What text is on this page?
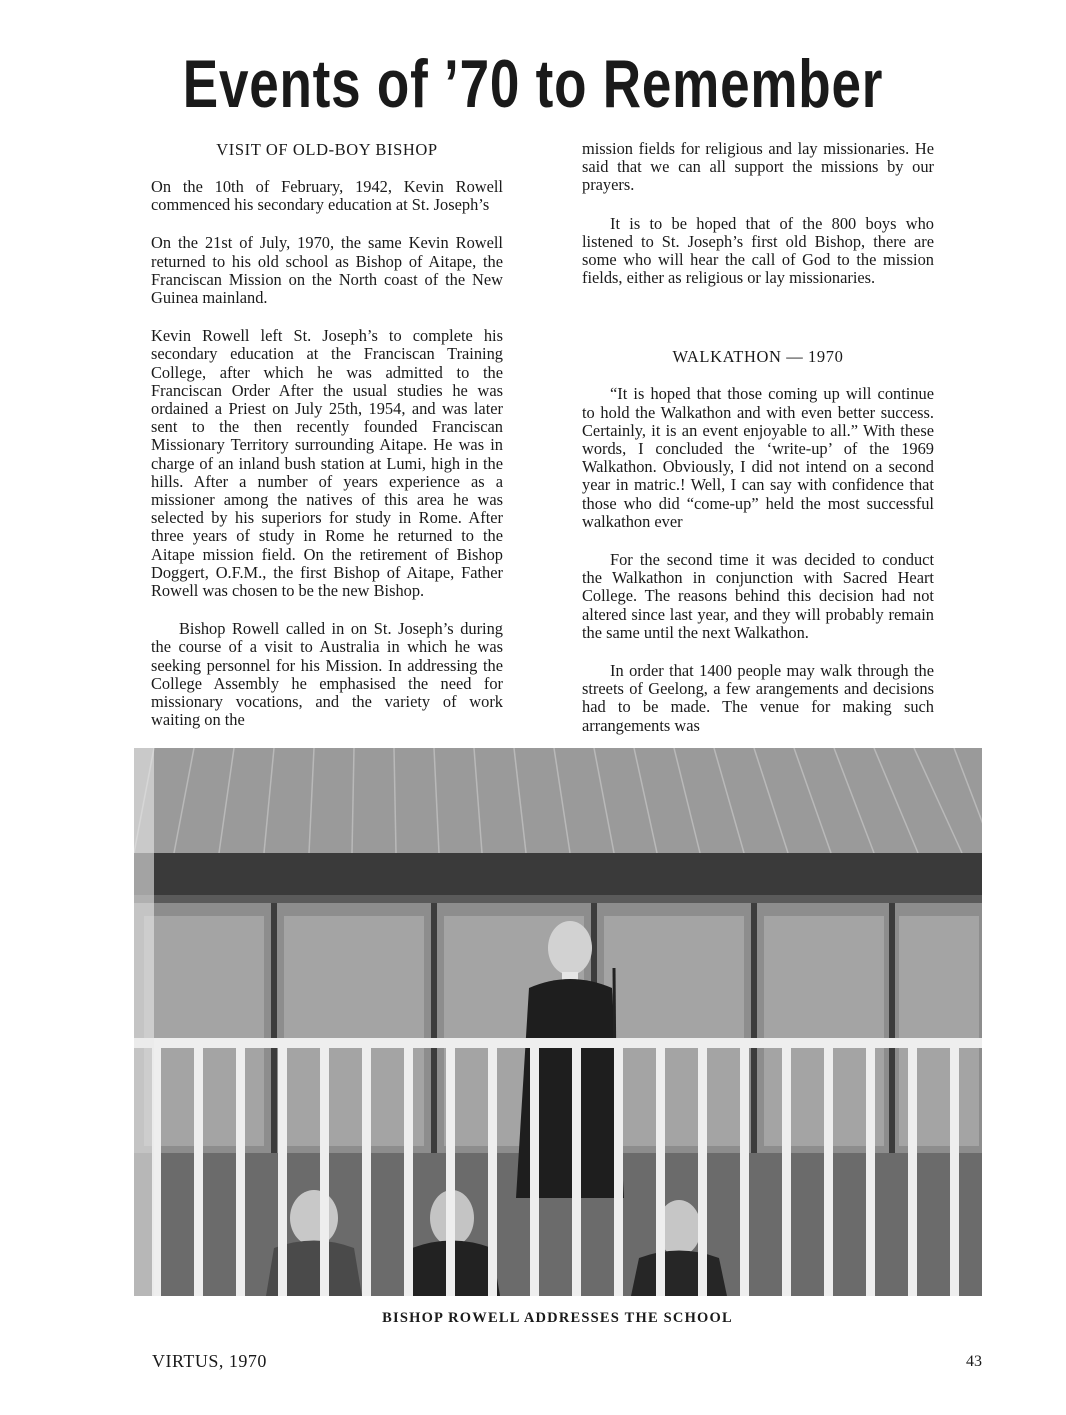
Events of ’70 to Remember
VISIT OF OLD-BOY BISHOP

On the 10th of February, 1942, Kevin Rowell commenced his secondary education at St. Joseph’s

On the 21st of July, 1970, the same Kevin Rowell returned to his old school as Bishop of Aitape, the Franciscan Mission on the North coast of the New Guinea mainland.

Kevin Rowell left St. Joseph’s to complete his secondary education at the Franciscan Training College, after which he was admitted to the Franciscan Order After the usual studies he was ordained a Priest on July 25th, 1954, and was later sent to the then recently founded Franciscan Missionary Territory surrounding Aitape. He was in charge of an inland bush station at Lumi, high in the hills. After a number of years experience as a missioner among the natives of this area he was selected by his superiors for study in Rome. After three years of study in Rome he returned to the Aitape mission field. On the retirement of Bishop Doggert, O.F.M., the first Bishop of Aitape, Father Rowell was chosen to be the new Bishop.

Bishop Rowell called in on St. Joseph’s during the course of a visit to Australia in which he was seeking personnel for his Mission. In addressing the College Assembly he emphasised the need for missionary vocations, and the variety of work waiting on the

mission fields for religious and lay missionaries. He said that we can all support the missions by our prayers.

It is to be hoped that of the 800 boys who listened to St. Joseph’s first old Bishop, there are some who will hear the call of God to the mission fields, either as religious or lay missionaries.

WALKATHON — 1970

“It is hoped that those coming up will continue to hold the Walkathon and with even better success. Certainly, it is an event enjoyable to all.” With these words, I concluded the ‘write-up’ of the 1969 Walkathon. Obviously, I did not intend on a second year in matric.! Well, I can say with confidence that those who did “come-up” held the most successful walkathon ever

For the second time it was decided to conduct the Walkathon in conjunction with Sacred Heart College. The reasons behind this decision had not altered since last year, and they will probably remain the same until the next Walkathon.

In order that 1400 people may walk through the streets of Geelong, a few arangements and decisions had to be made. The venue for making such arrangements was

BISHOP ROWELL ADDRESSES THE SCHOOL
VIRTUS, 1970	43
